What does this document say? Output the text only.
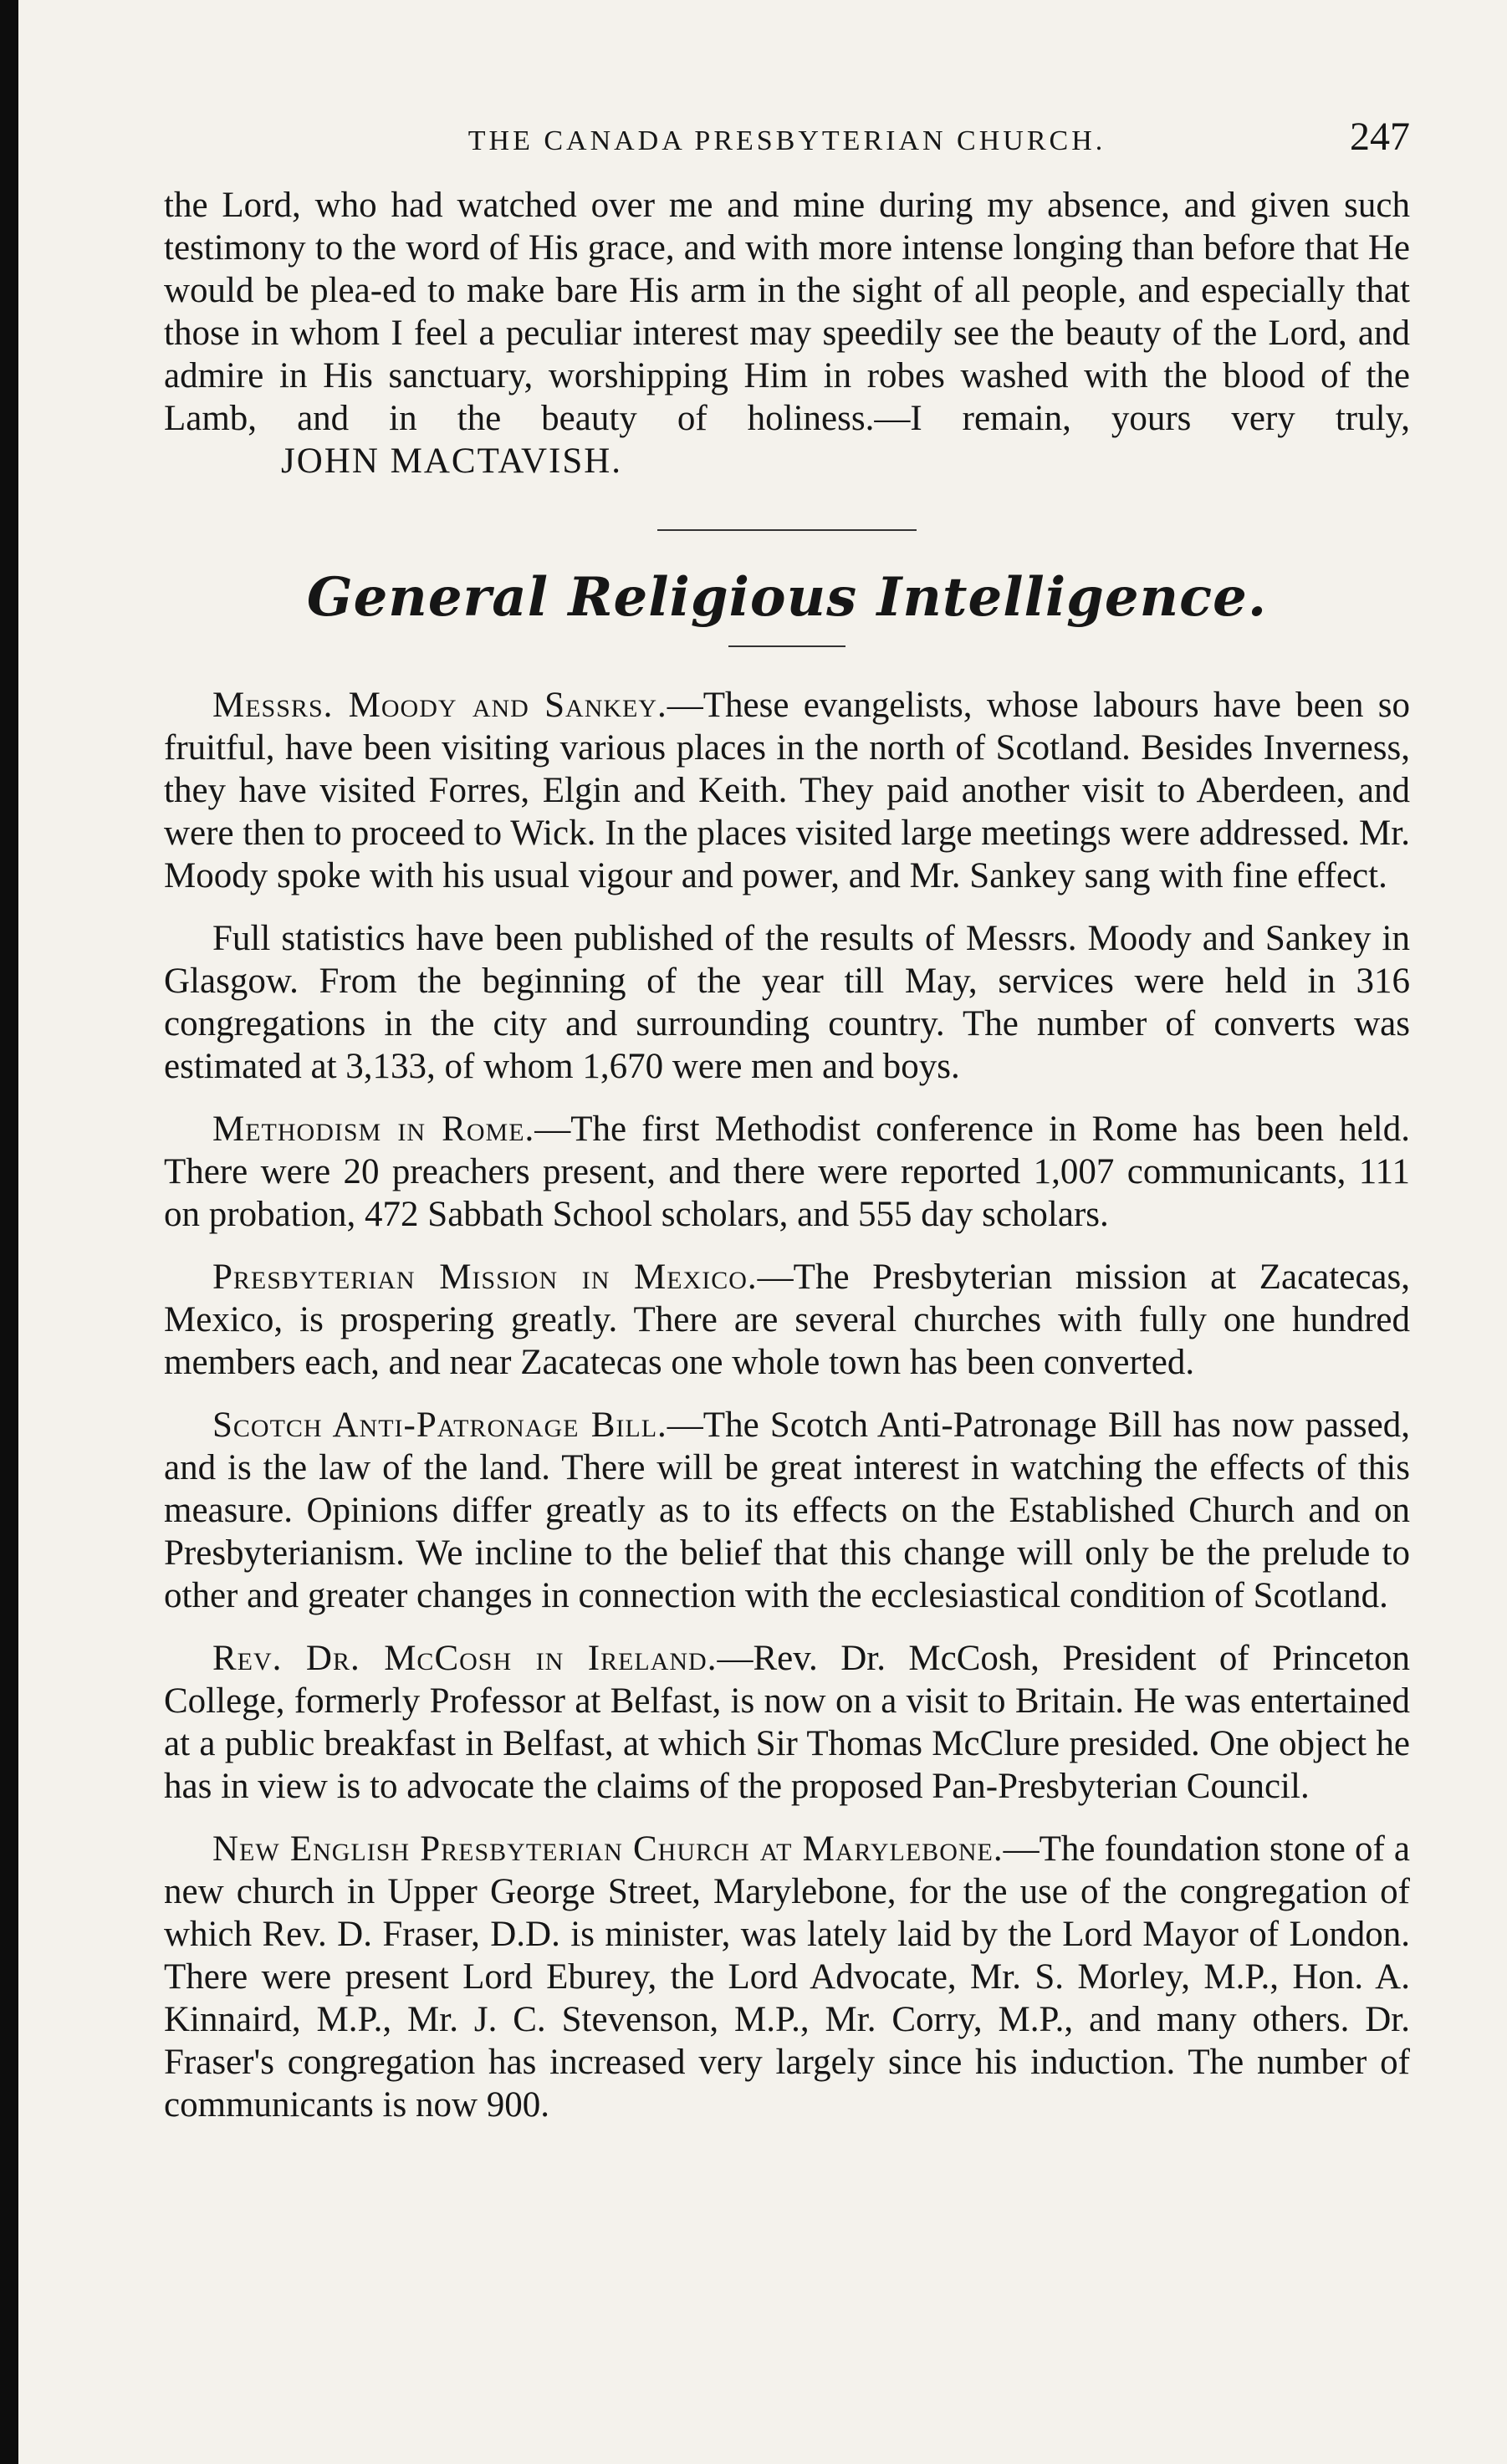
THE CANADA PRESBYTERIAN CHURCH.	247

the Lord, who had watched over me and mine during my absence, and given such testimony to the word of His grace, and with more intense longing than before that He would be plea-ed to make bare His arm in the sight of all people, and especially that those in whom I feel a peculiar interest may speedily see the beauty of the Lord, and admire in His sanctuary, worshipping Him in robes washed with the blood of the Lamb, and in the beauty of holiness.—I remain, yours very truly,JOHN MACTAVISH.

General Religious Intelligence.

Messrs. Moody and Sankey.—These evangelists, whose labours have been so fruitful, have been visiting various places in the north of Scotland. Besides Inverness, they have visited Forres, Elgin and Keith. They paid another visit to Aberdeen, and were then to proceed to Wick. In the places visited large meetings were addressed. Mr. Moody spoke with his usual vigour and power, and Mr. Sankey sang with fine effect.

Full statistics have been published of the results of Messrs. Moody and Sankey in Glasgow. From the beginning of the year till May, services were held in 316 congregations in the city and surrounding country. The number of converts was estimated at 3,133, of whom 1,670 were men and boys.

Methodism in Rome.—The first Methodist conference in Rome has been held. There were 20 preachers present, and there were reported 1,007 communicants, 111 on probation, 472 Sabbath School scholars, and 555 day scholars.

Presbyterian Mission in Mexico.—The Presbyterian mission at Zacatecas, Mexico, is prospering greatly. There are several churches with fully one hundred members each, and near Zacatecas one whole town has been converted.

Scotch Anti-Patronage Bill.—The Scotch Anti-Patronage Bill has now passed, and is the law of the land. There will be great interest in watching the effects of this measure. Opinions differ greatly as to its effects on the Established Church and on Presbyterianism. We incline to the belief that this change will only be the prelude to other and greater changes in connection with the ecclesiastical condition of Scotland.

Rev. Dr. McCosh in Ireland.—Rev. Dr. McCosh, President of Princeton College, formerly Professor at Belfast, is now on a visit to Britain. He was entertained at a public breakfast in Belfast, at which Sir Thomas McClure presided. One object he has in view is to advocate the claims of the proposed Pan-Presbyterian Council.

New English Presbyterian Church at Marylebone.—The foundation stone of a new church in Upper George Street, Marylebone, for the use of the congregation of which Rev. D. Fraser, D.D. is minister, was lately laid by the Lord Mayor of London. There were present Lord Eburey, the Lord Advocate, Mr. S. Morley, M.P., Hon. A. Kinnaird, M.P., Mr. J. C. Stevenson, M.P., Mr. Corry, M.P., and many others. Dr. Fraser's congregation has increased very largely since his induction. The number of communicants is now 900.
